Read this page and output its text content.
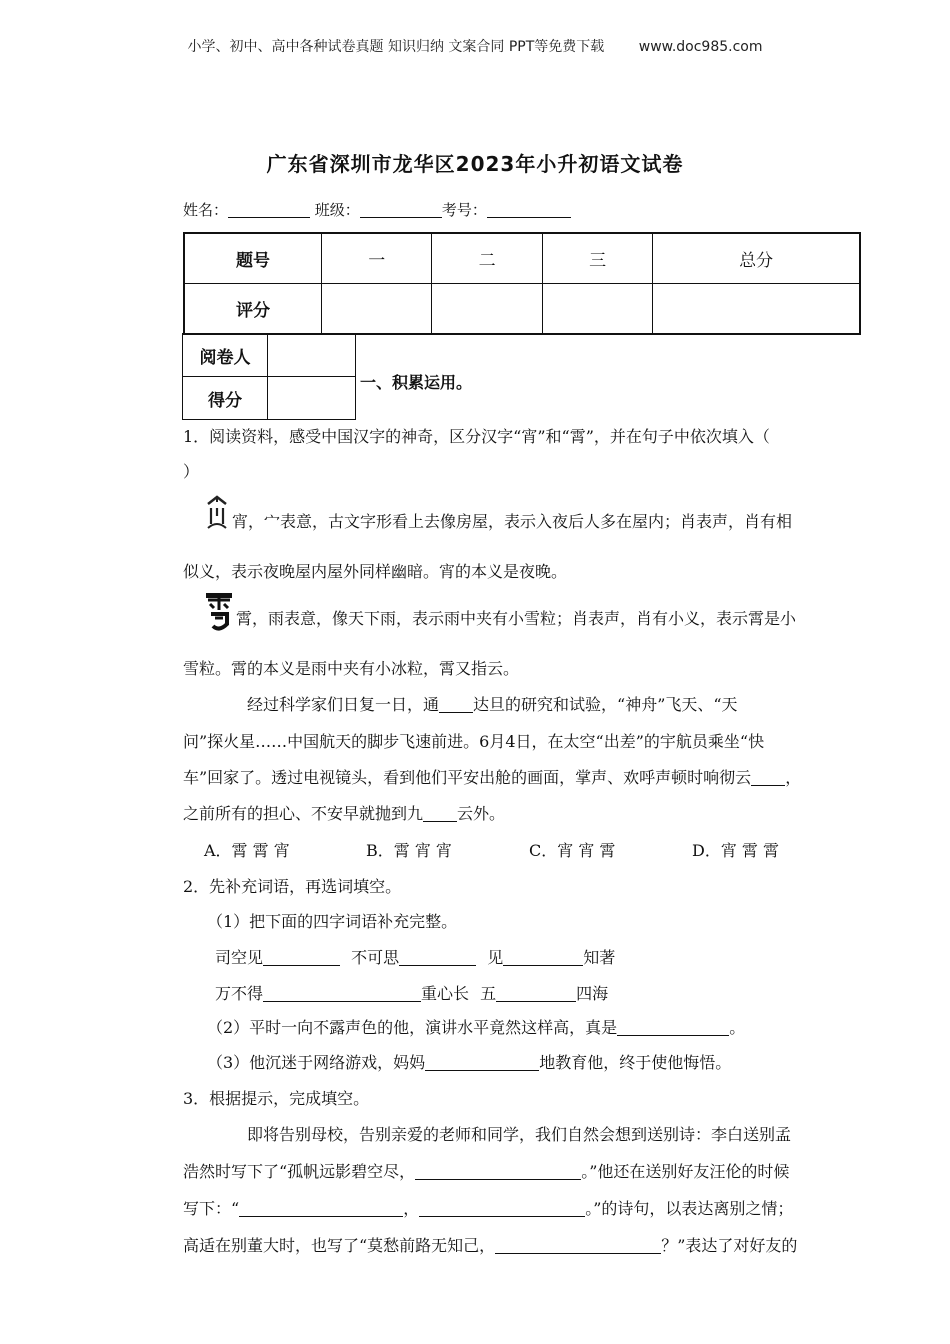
小学、初中、高中各种试卷真题 知识归纳 文案合同 PPT等免费下载 www.doc985.com
广东省深圳市龙华区2023年小升初语文试卷
姓名：	班级：	考号：
题号	一	二	三	总分
评分				
阅卷人	
得分	
一、积累运用。
1．阅读资料，感受中国汉字的神奇，区分汉字“宵”和“霄”，并在句子中依次填入（
）
宵，宀表意，古文字形看上去像房屋，表示入夜后人多在屋内；肖表声，肖有相
似义，表示夜晚屋内屋外同样幽暗。宵的本义是夜晚。
霄，雨表意，像天下雨，表示雨中夹有小雪粒；肖表声，肖有小义，表示霄是小
雪粒。霄的本义是雨中夹有小冰粒，霄又指云。
经过科学家们日复一日，通 达旦的研究和试验，“神舟”飞天、“天
问”探火星……中国航天的脚步飞速前进。6月4日，在太空“出差”的宇航员乘坐“快
车”回家了。透过电视镜头，看到他们平安出舱的画面，掌声、欢呼声顿时响彻云 ，
之前所有的担心、不安早就抛到九 云外。
A．霄 霄 宵	B．霄 宵 宵	C．宵 宵 霄	D．宵 霄 霄
2．先补充词语，再选词填空。
（1）把下面的四字词语补充完整。
司空见	不可思	见	知著
万不得	重心长 五	四海
（2）平时一向不露声色的他，演讲水平竟然这样高，真是	。
（3）他沉迷于网络游戏，妈妈	地教育他，终于使他悔悟。
3．根据提示，完成填空。
即将告别母校，告别亲爱的老师和同学，我们自然会想到送别诗：李白送别孟
浩然时写下了“孤帆远影碧空尽，	。”他还在送别好友汪伦的时候
写下：“	，	。”的诗句，以表达离别之情；
高适在别董大时，也写了“莫愁前路无知己，	？”表达了对好友的
